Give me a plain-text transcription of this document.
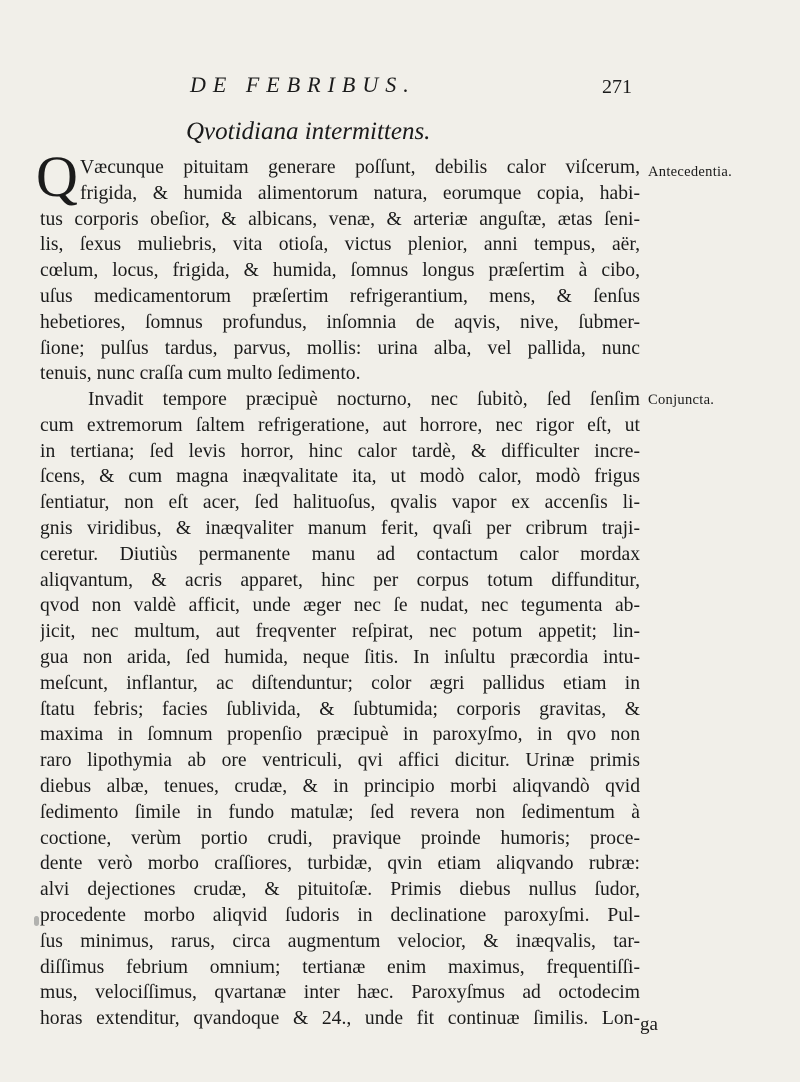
DE FEBRIBUS.	271
Qvotidiana intermittens.
Q Væcunque pituitam generare poſſunt, debilis calor viſcerum,
frigida, & humida alimentorum natura, eorumque copia, habi-
tus corporis obeſior, & albicans, venæ, & arteriæ anguſtæ, ætas ſeni-
lis, ſexus muliebris, vita otioſa, victus plenior, anni tempus, aër,
cœlum, locus, frigida, & humida, ſomnus longus præſertim à cibo,
uſus medicamentorum præſertim refrigerantium, mens, & ſenſus
hebetiores, ſomnus profundus, inſomnia de aqvis, nive, ſubmer-
ſione; pulſus tardus, parvus, mollis: urina alba, vel pallida, nunc
tenuis, nunc craſſa cum multo ſedimento.
Invadit tempore præcipuè nocturno, nec ſubitò, ſed ſenſim
cum extremorum ſaltem refrigeratione, aut horrore, nec rigor eſt, ut
in tertiana; ſed levis horror, hinc calor tardè, & difficulter incre-
ſcens, & cum magna inæqvalitate ita, ut modò calor, modò frigus
ſentiatur, non eſt acer, ſed halituoſus, qvalis vapor ex accenſis li-
gnis viridibus, & inæqvaliter manum ferit, qvaſi per cribrum traji-
ceretur. Diutiùs permanente manu ad contactum calor mordax
aliqvantum, & acris apparet, hinc per corpus totum diffunditur,
qvod non valdè afficit, unde æger nec ſe nudat, nec tegumenta ab-
jicit, nec multum, aut freqventer reſpirat, nec potum appetit; lin-
gua non arida, ſed humida, neque ſitis. In inſultu præcordia intu-
meſcunt, inflantur, ac diſtenduntur; color ægri pallidus etiam in
ſtatu febris; facies ſublivida, & ſubtumida; corporis gravitas, &
maxima in ſomnum propenſio præcipuè in paroxyſmo, in qvo non
raro lipothymia ab ore ventriculi, qvi affici dicitur. Urinæ primis
diebus albæ, tenues, crudæ, & in principio morbi aliqvandò qvid
ſedimento ſimile in fundo matulæ; ſed revera non ſedimentum à
coctione, verùm portio crudi, pravique proinde humoris; proce-
dente verò morbo craſſiores, turbidæ, qvin etiam aliqvando rubræ:
alvi dejectiones crudæ, & pituitoſæ. Primis diebus nullus ſudor,
procedente morbo aliqvid ſudoris in declinatione paroxyſmi. Pul-
ſus minimus, rarus, circa augmentum velocior, & inæqvalis, tar-
diſſimus febrium omnium; tertianæ enim maximus, frequentiſſi-
mus, velociſſimus, qvartanæ inter hæc. Paroxyſmus ad octodecim
horas extenditur, qvandoque & 24., unde fit continuæ ſimilis. Lon-
Antecedentia.
Conjuncta.
ga
